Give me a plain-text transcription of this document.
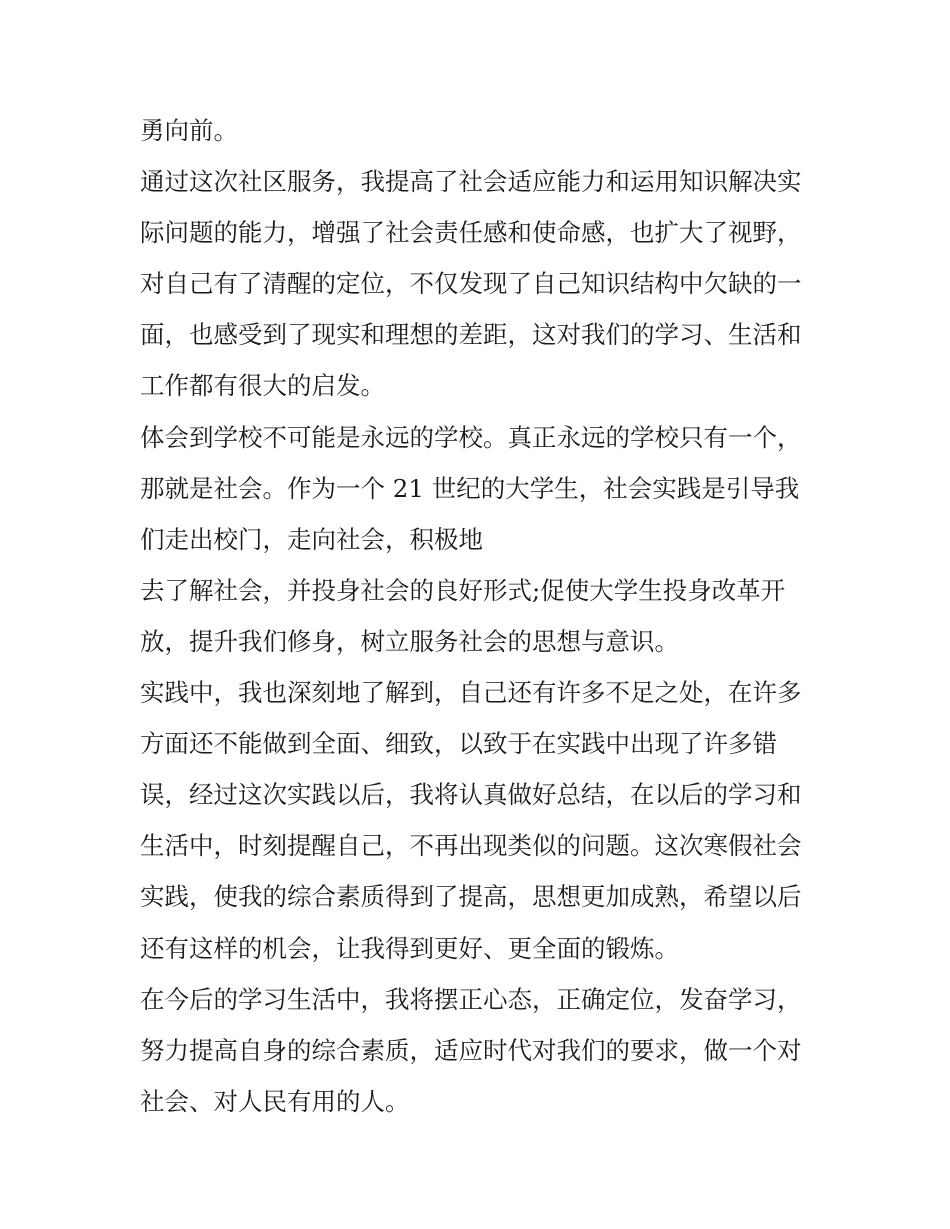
勇向前。
通过这次社区服务，我提高了社会适应能力和运用知识解决实
际问题的能力，增强了社会责任感和使命感，也扩大了视野，
对自己有了清醒的定位，不仅发现了自己知识结构中欠缺的一
面，也感受到了现实和理想的差距，这对我们的学习、生活和
工作都有很大的启发。
体会到学校不可能是永远的学校。真正永远的学校只有一个，
那就是社会。作为一个 21 世纪的大学生，社会实践是引导我
们走出校门，走向社会，积极地
去了解社会，并投身社会的良好形式;促使大学生投身改革开
放，提升我们修身，树立服务社会的思想与意识。
实践中，我也深刻地了解到，自己还有许多不足之处，在许多
方面还不能做到全面、细致，以致于在实践中出现了许多错
误，经过这次实践以后，我将认真做好总结，在以后的学习和
生活中，时刻提醒自己，不再出现类似的问题。这次寒假社会
实践，使我的综合素质得到了提高，思想更加成熟，希望以后
还有这样的机会，让我得到更好、更全面的锻炼。
在今后的学习生活中，我将摆正心态，正确定位，发奋学习，
努力提高自身的综合素质，适应时代对我们的要求，做一个对
社会、对人民有用的人。
